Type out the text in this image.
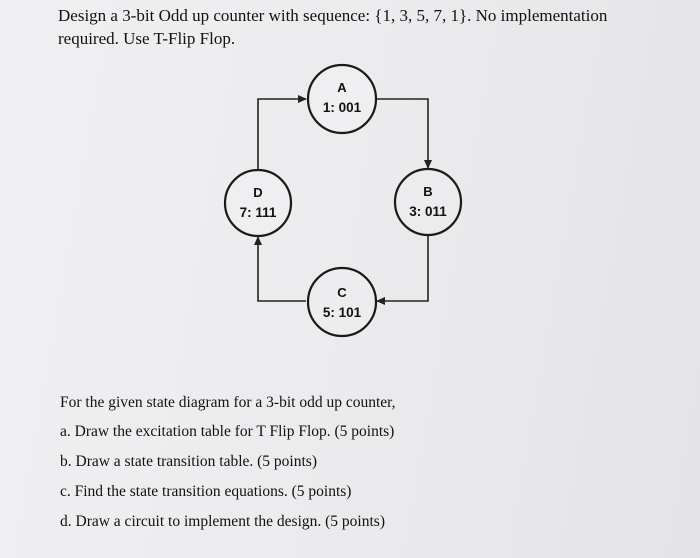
Design a 3-bit Odd up counter with sequence: {1, 3, 5, 7, 1}. No implementation
required. Use T-Flip Flop.
A
1: 001
B
3: 011
C
5: 101
D
7: 111
For the given state diagram for a 3-bit odd up counter,
a. Draw the excitation table for T Flip Flop. (5 points)
b. Draw a state transition table. (5 points)
c. Find the state transition equations. (5 points)
d. Draw a circuit to implement the design. (5 points)
